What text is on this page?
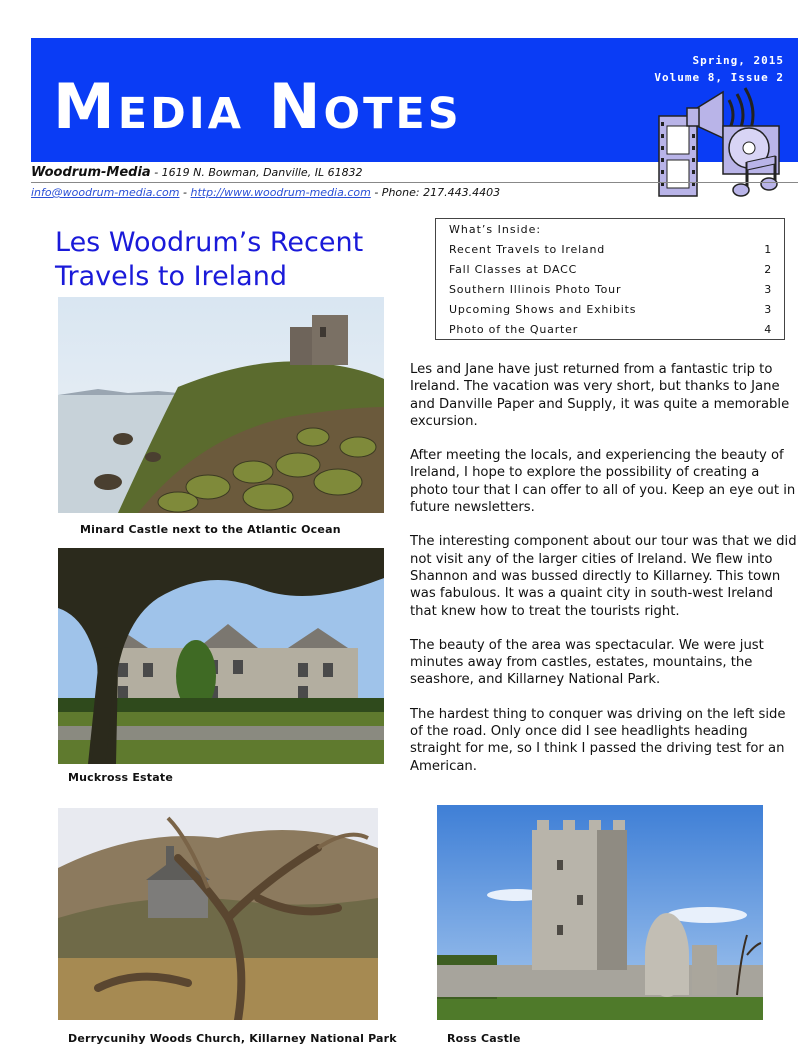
Media Notes
Spring, 2015
Volume 8, Issue 2
Woodrum-Media - 1619 N. Bowman, Danville, IL 61832
info@woodrum-media.com - http://www.woodrum-media.com - Phone: 217.443.4403
Les Woodrum’s Recent Travels to Ireland
What’s Inside:
Recent Travels to Ireland	1
Fall Classes at DACC	2
Southern Illinois Photo Tour	3
Upcoming Shows and Exhibits	3
Photo of the Quarter	4

Les and Jane have just returned from a fantastic trip to Ireland. The vacation was very short, but thanks to Jane and Danville Paper and Supply, it was quite a memorable excursion.

After meeting the locals, and experiencing the beauty of Ireland, I hope to explore the possibility of creating a photo tour that I can offer to all of you. Keep an eye out in future newsletters.

The interesting component about our tour was that we did not visit any of the larger cities of Ireland. We flew into Shannon and was bussed directly to Killarney. This town was fabulous. It was a quaint city in south-west Ireland that knew how to treat the tourists right.

The beauty of the area was spectacular. We were just minutes away from castles, estates, mountains, the seashore, and Killarney National Park.

The hardest thing to conquer was driving on the left side of the road. Only once did I see headlights heading straight for me, so I think I passed the driving test for an American.

Minard Castle next to the Atlantic Ocean
Muckross Estate
Derrycunihy Woods Church, Killarney National Park	Ross Castle
